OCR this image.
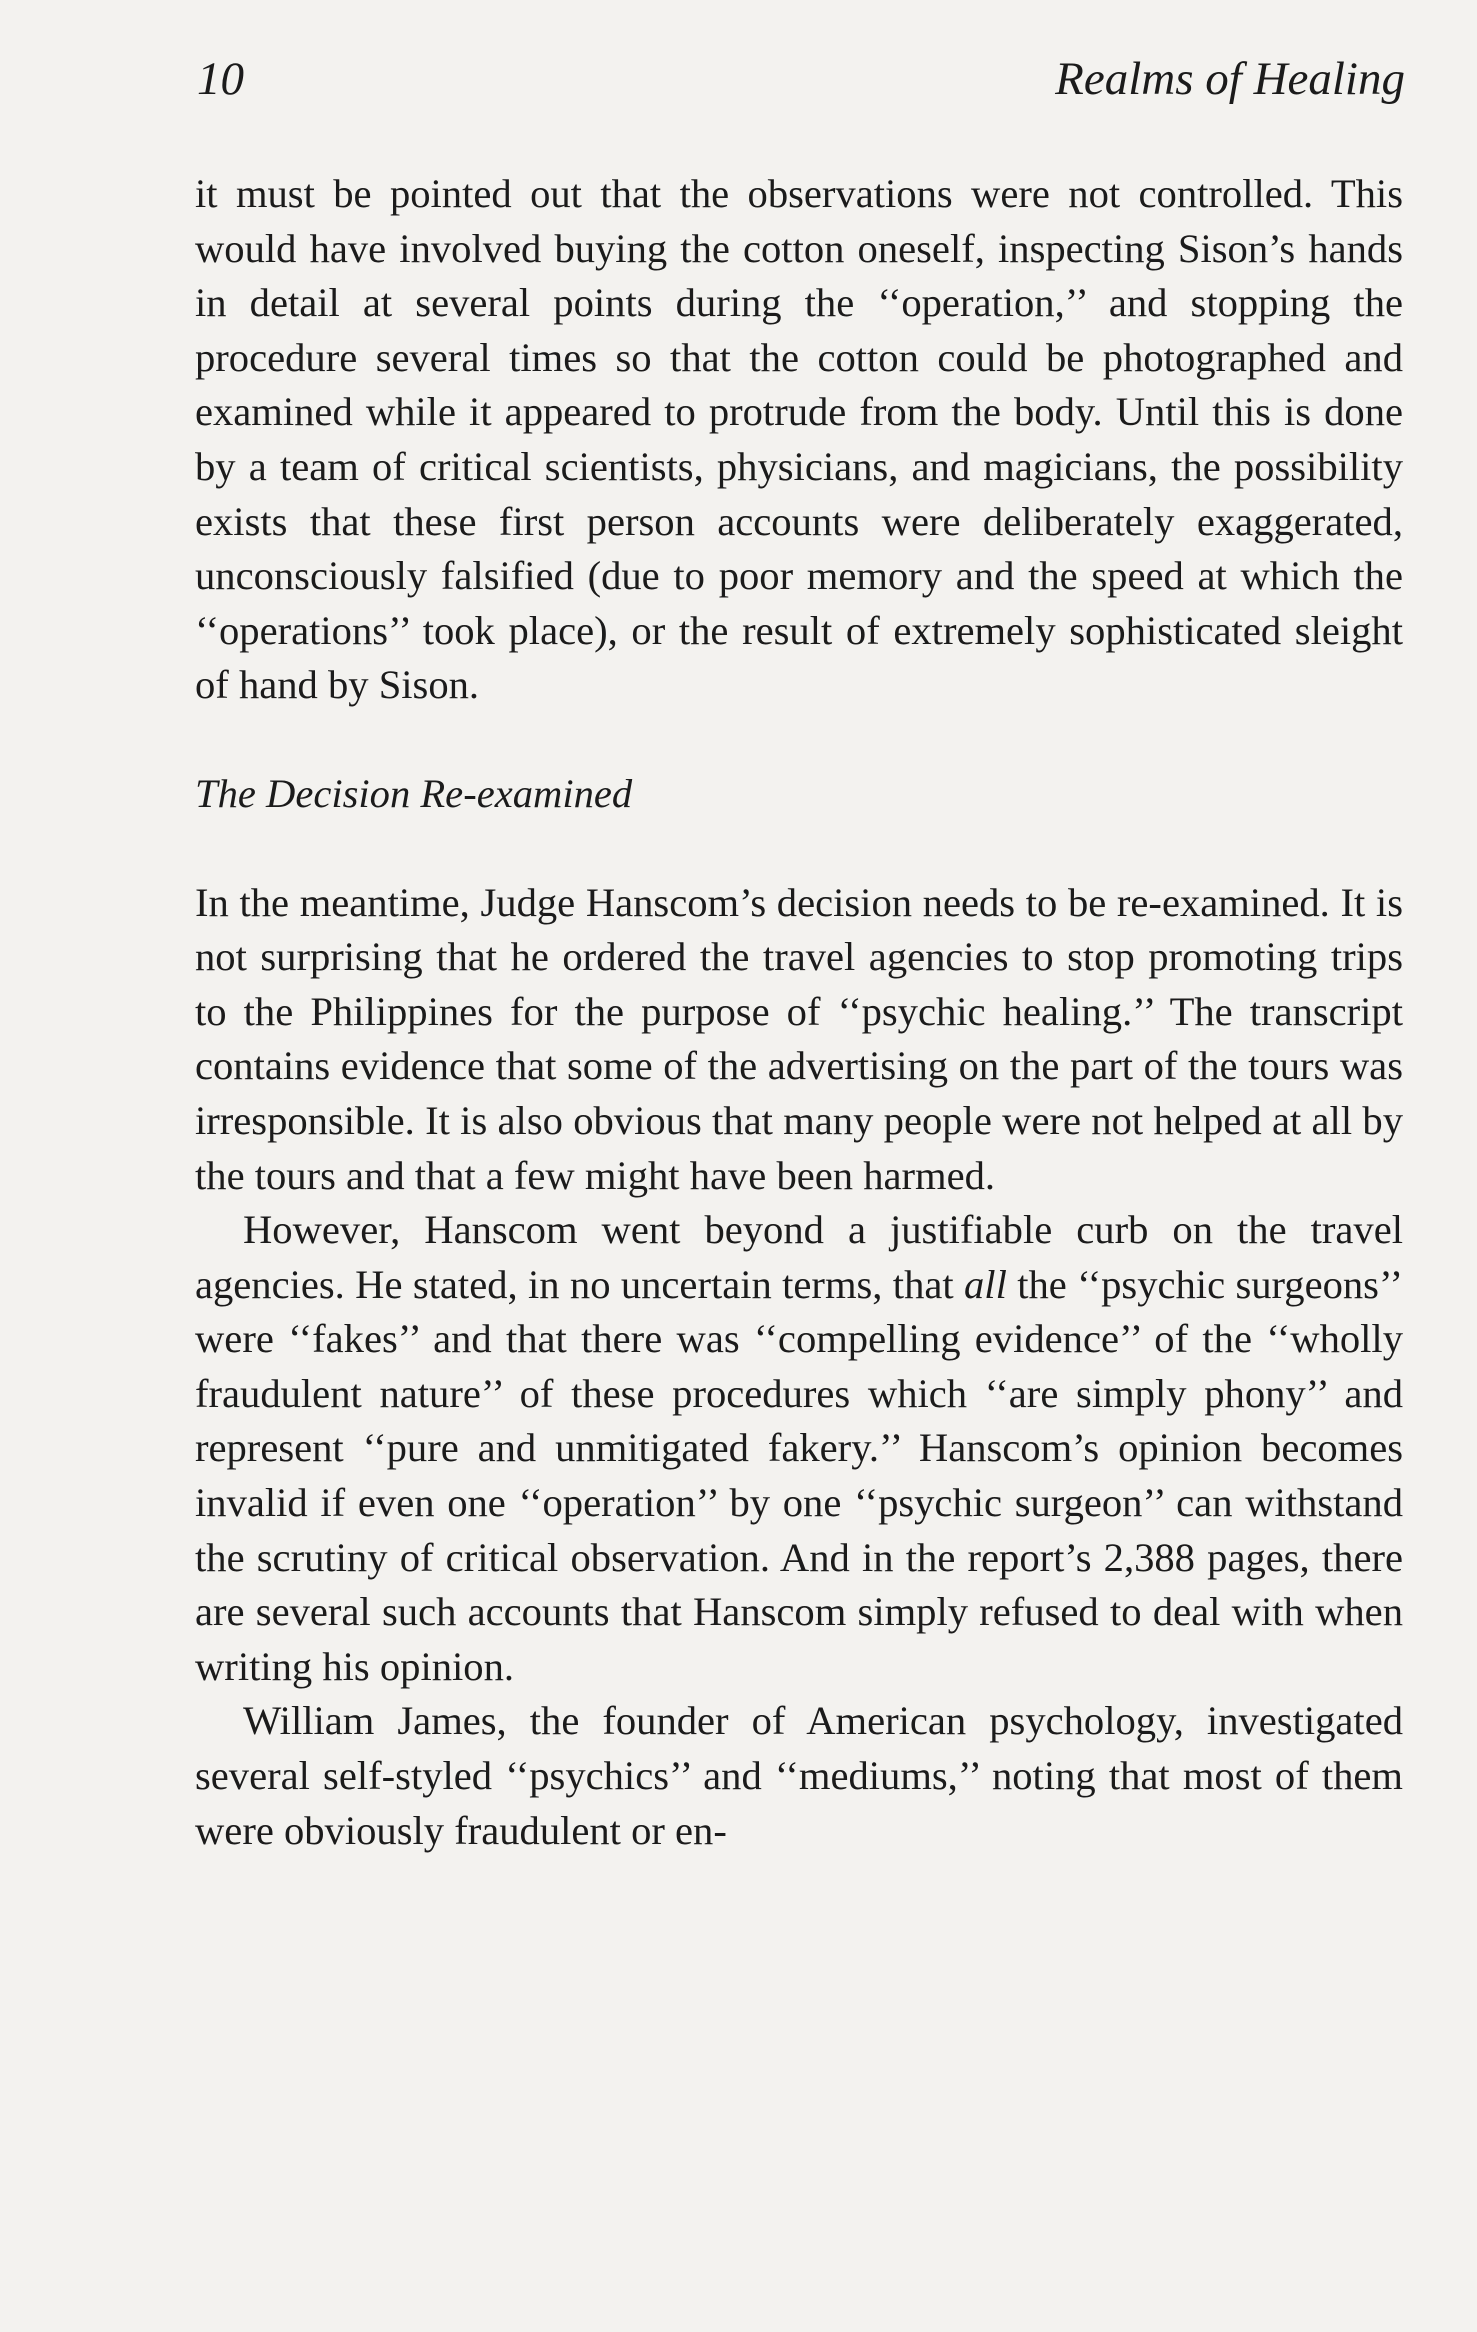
10	Realms of Healing

it must be pointed out that the observations were not controlled. This would have involved buying the cotton oneself, inspecting Sison’s hands in detail at several points during the ‘‘operation,’’ and stopping the procedure several times so that the cotton could be photographed and examined while it appeared to protrude from the body. Until this is done by a team of critical scientists, physicians, and magicians, the possibility exists that these first person accounts were deliberately exaggerated, unconsciously falsified (due to poor memory and the speed at which the ‘‘operations’’ took place), or the result of extremely sophisticated sleight of hand by Sison.

The Decision Re-examined

In the meantime, Judge Hanscom’s decision needs to be re-examined. It is not surprising that he ordered the travel agencies to stop promoting trips to the Philippines for the purpose of ‘‘psychic healing.’’ The transcript contains evidence that some of the advertising on the part of the tours was irresponsible. It is also obvious that many people were not helped at all by the tours and that a few might have been harmed.

However, Hanscom went beyond a justifiable curb on the travel agencies. He stated, in no uncertain terms, that all the ‘‘psychic surgeons’’ were ‘‘fakes’’ and that there was ‘‘compelling evidence’’ of the ‘‘wholly fraudulent nature’’ of these procedures which ‘‘are simply phony’’ and represent ‘‘pure and unmitigated fakery.’’ Hanscom’s opinion becomes invalid if even one ‘‘operation’’ by one ‘‘psychic surgeon’’ can withstand the scrutiny of critical observation. And in the report’s 2,388 pages, there are several such accounts that Hanscom simply refused to deal with when writing his opinion.

William James, the founder of American psychology, investigated several self-styled ‘‘psychics’’ and ‘‘mediums,’’ noting that most of them were obviously fraudulent or en-
